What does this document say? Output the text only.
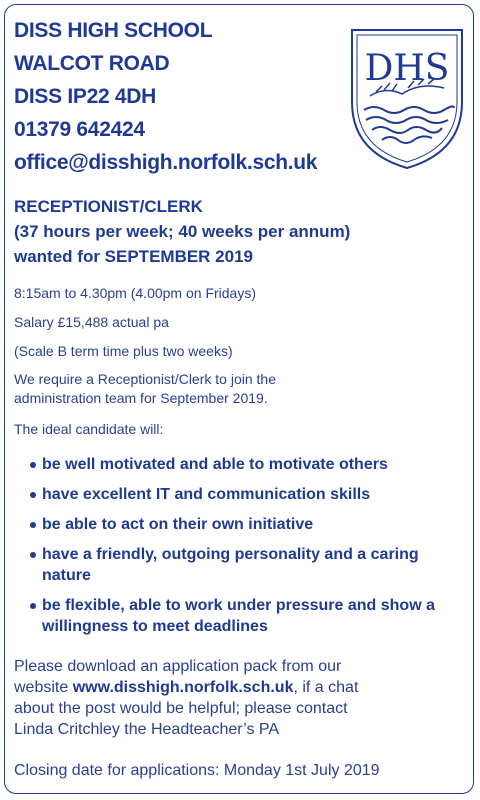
DISS HIGH SCHOOL
WALCOT ROAD
DISS IP22 4DH
01379 642424
office@disshigh.norfolk.sch.uk
DHS
RECEPTIONIST/CLERK
(37 hours per week; 40 weeks per annum)
wanted for SEPTEMBER 2019
8:15am to 4.30pm (4.00pm on Fridays)
Salary £15,488 actual pa
(Scale B term time plus two weeks)
We require a Receptionist/Clerk to join the
administration team for September 2019.
The ideal candidate will:
be well motivated and able to motivate others
have excellent IT and communication skills
be able to act on their own initiative
have a friendly, outgoing personality and a caring nature
be flexible, able to work under pressure and show a willingness to meet deadlines
Please download an application pack from our
website www.disshigh.norfolk.sch.uk, if a chat
about the post would be helpful; please contact
Linda Critchley the Headteacher’s PA
Closing date for applications: Monday 1st July 2019
